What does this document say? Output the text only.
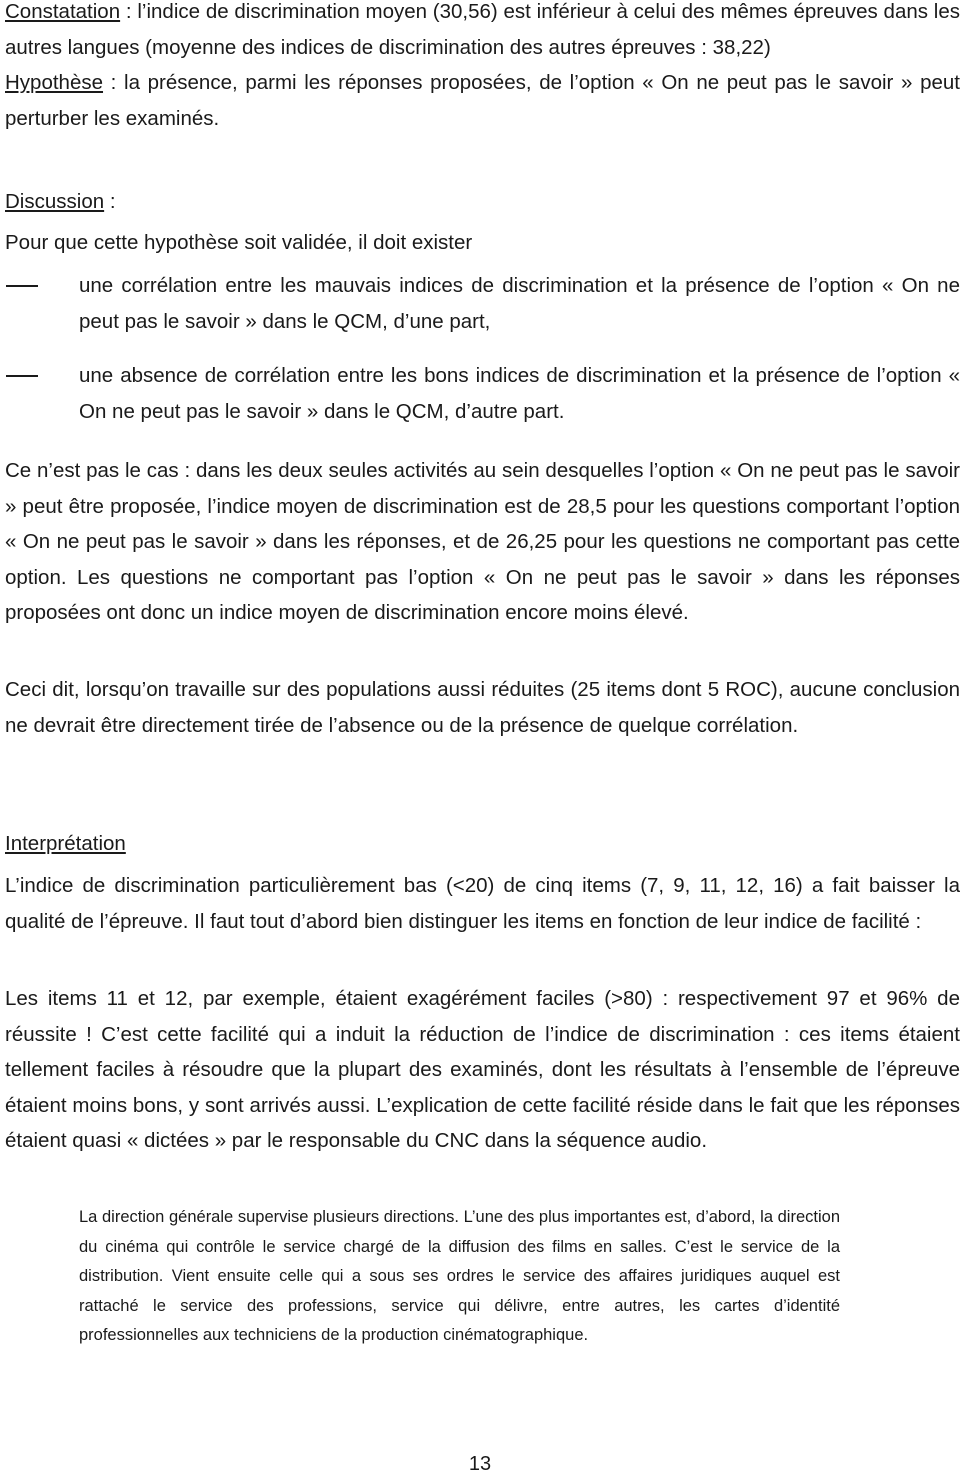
Constatation : l’indice de discrimination moyen (30,56) est inférieur à celui des mêmes épreuves dans les autres langues (moyenne des indices de discrimination des autres épreuves : 38,22)

Hypothèse : la présence, parmi les réponses proposées, de l’option « On ne peut pas le savoir » peut perturber les examinés.

Discussion :
Pour que cette hypothèse soit validée, il doit exister
une corrélation entre les mauvais indices de discrimination et la présence de l’option « On ne peut pas le savoir » dans le QCM, d’une part,
une absence de corrélation entre les bons indices de discrimination et la présence de l’option « On ne peut pas le savoir » dans le QCM, d’autre part.

Ce n’est pas le cas : dans les deux seules activités au sein desquelles l’option « On ne peut pas le savoir » peut être proposée, l’indice moyen de discrimination est de 28,5 pour les questions comportant l’option « On ne peut pas le savoir » dans les réponses, et de 26,25 pour les questions ne comportant pas cette option. Les questions ne comportant pas l’option « On ne peut pas le savoir » dans les réponses proposées ont donc un indice moyen de discrimination encore moins élevé.

Ceci dit, lorsqu’on travaille sur des populations aussi réduites (25 items dont 5 ROC), aucune conclusion ne devrait être directement tirée de l’absence ou de la présence de quelque corrélation.

Interprétation

L’indice de discrimination particulièrement bas (<20) de cinq items (7, 9, 11, 12, 16) a fait baisser la qualité de l’épreuve. Il faut tout d’abord bien distinguer les items en fonction de leur indice de facilité :

Les items 11 et 12, par exemple, étaient exagérément faciles (>80) : respectivement 97 et 96% de réussite ! C’est cette facilité qui a induit la réduction de l’indice de discrimination : ces items étaient tellement faciles à résoudre que la plupart des examinés, dont les résultats à l’ensemble de l’épreuve étaient moins bons, y sont arrivés aussi. L’explication de cette facilité réside dans le fait que les réponses étaient quasi « dictées » par le responsable du CNC dans la séquence audio.

La direction générale supervise plusieurs directions. L’une des plus importantes est, d’abord, la direction du cinéma qui contrôle le service chargé de la diffusion des films en salles. C’est le service de la distribution. Vient ensuite celle qui a sous ses ordres le service des affaires juridiques auquel est rattaché le service des professions, service qui délivre, entre autres, les cartes d’identité professionnelles aux techniciens de la production cinématographique.

13
